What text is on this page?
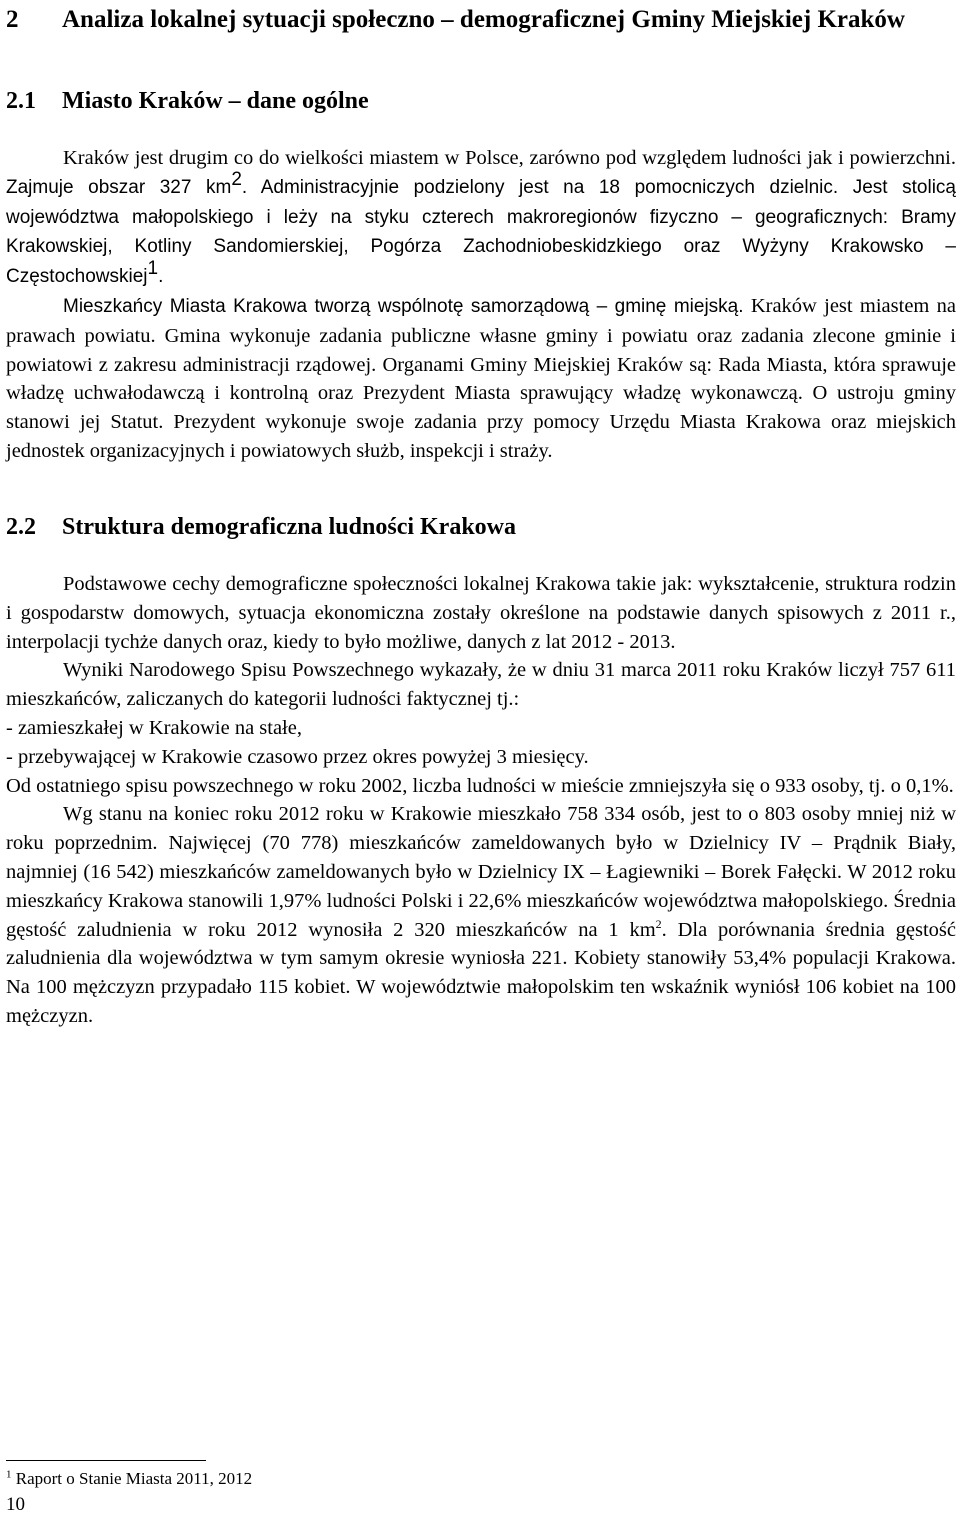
2 Analiza lokalnej sytuacji społeczno – demograficznej Gminy Miejskiej Kraków
2.1 Miasto Kraków – dane ogólne

Kraków jest drugim co do wielkości miastem w Polsce, zarówno pod względem ludności jak i powierzchni. Zajmuje obszar 327 $km^2$. Administracyjnie podzielony jest na 18 pomocniczych dzielnic. Jest stolicą województwa małopolskiego i leży na styku czterech makroregionów fizyczno – geograficznych: Bramy Krakowskiej, Kotliny Sandomierskiej, Pogórza Zachodniobeskidzkiego oraz Wyżyny Krakowsko – Częstochowskiej$^1$.

Mieszkańcy Miasta Krakowa tworzą wspólnotę samorządową – gminę miejską. Kraków jest miastem na prawach powiatu. Gmina wykonuje zadania publiczne własne gminy i powiatu oraz zadania zlecone gminie i powiatowi z zakresu administracji rządowej. Organami Gminy Miejskiej Kraków są: Rada Miasta, która sprawuje władzę uchwałodawczą i kontrolną oraz Prezydent Miasta sprawujący władzę wykonawczą. O ustroju gminy stanowi jej Statut. Prezydent wykonuje swoje zadania przy pomocy Urzędu Miasta Krakowa oraz miejskich jednostek organizacyjnych i powiatowych służb, inspekcji i straży.

2.2 Struktura demograficzna ludności Krakowa

Podstawowe cechy demograficzne społeczności lokalnej Krakowa takie jak: wykształcenie, struktura rodzin i gospodarstw domowych, sytuacja ekonomiczna zostały określone na podstawie danych spisowych z 2011 r., interpolacji tychże danych oraz, kiedy to było możliwe, danych z lat 2012 - 2013.

Wyniki Narodowego Spisu Powszechnego wykazały, że w dniu 31 marca 2011 roku Kraków liczył 757 611 mieszkańców, zaliczanych do kategorii ludności faktycznej tj.:

- zamieszkałej w Krakowie na stałe,

- przebywającej w Krakowie czasowo przez okres powyżej 3 miesięcy.

Od ostatniego spisu powszechnego w roku 2002, liczba ludności w mieście zmniejszyła się o 933 osoby, tj. o 0,1%.

Wg stanu na koniec roku 2012 roku w Krakowie mieszkało 758 334 osób, jest to o 803 osoby mniej niż w roku poprzednim. Najwięcej (70 778) mieszkańców zameldowanych było w Dzielnicy IV – Prądnik Biały, najmniej (16 542) mieszkańców zameldowanych było w Dzielnicy IX – Łagiewniki – Borek Fałęcki. W 2012 roku mieszkańcy Krakowa stanowili 1,97% ludności Polski i 22,6% mieszkańców województwa małopolskiego. Średnia gęstość zaludnienia w roku 2012 wynosiła 2 320 mieszkańców na 1 $km^2$. Dla porównania średnia gęstość zaludnienia dla województwa w tym samym okresie wyniosła 221. Kobiety stanowiły 53,4% populacji Krakowa. Na 100 mężczyzn przypadało 115 kobiet. W województwie małopolskim ten wskaźnik wyniósł 106 kobiet na 100 mężczyzn.

$^1$ Raport o Stanie Miasta 2011, 2012
10
